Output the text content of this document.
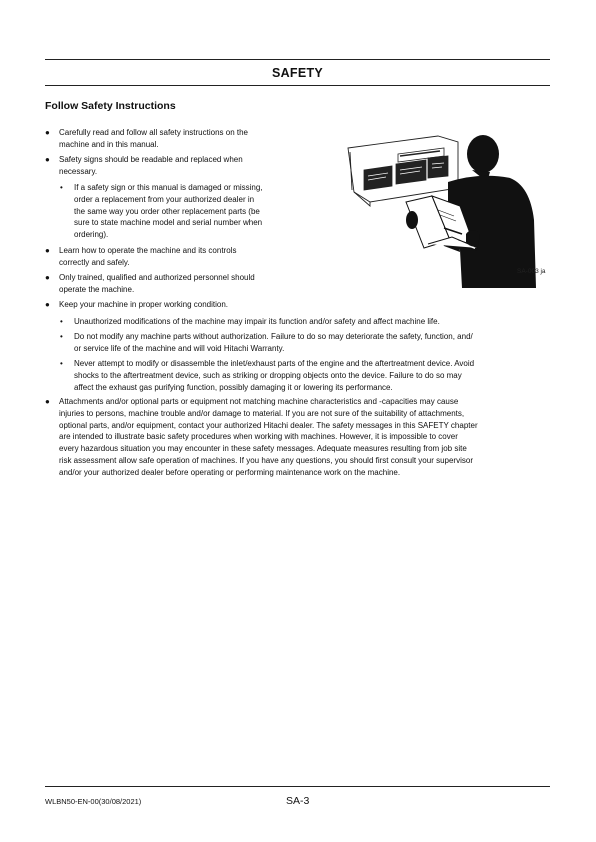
SAFETY
Follow Safety Instructions
● Carefully read and follow all safety instructions on the
machine and in this manual.
● Safety signs should be readable and replaced when
necessary.
• If a safety sign or this manual is damaged or missing,
order a replacement from your authorized dealer in
the same way you order other replacement parts (be
sure to state machine model and serial number when
ordering).
● Learn how to operate the machine and its controls
correctly and safely.
● Only trained, qualified and authorized personnel should
operate the machine.
● Keep your machine in proper working condition.
• Unauthorized modifications of the machine may impair its function and/or safety and affect machine life.
• Do not modify any machine parts without authorization. Failure to do so may deteriorate the safety, function, and/
or service life of the machine and will void Hitachi Warranty.
• Never attempt to modify or disassemble the inlet/exhaust parts of the engine and the aftertreatment device. Avoid
shocks to the aftertreatment device, such as striking or dropping objects onto the device. Failure to do so may
affect the exhaust gas purifying function, possibly damaging it or lowering its performance.
● Attachments and/or optional parts or equipment not matching machine characteristics and -capacities may cause
injuries to persons, machine trouble and/or damage to material. If you are not sure of the suitability of attachments,
optional parts, and/or equipment, contact your authorized Hitachi dealer. The safety messages in this SAFETY chapter
are intended to illustrate basic safety procedures when working with machines. However, it is impossible to cover
every hazardous situation you may encounter in these safety messages. Adequate measures resulting from job site
risk assessment allow safe operation of machines. If you have any questions, you should first consult your supervisor
and/or your authorized dealer before operating or performing maintenance work on the machine.
SA-003 ja
WLBN50-EN-00(30/08/2021)	SA-3
